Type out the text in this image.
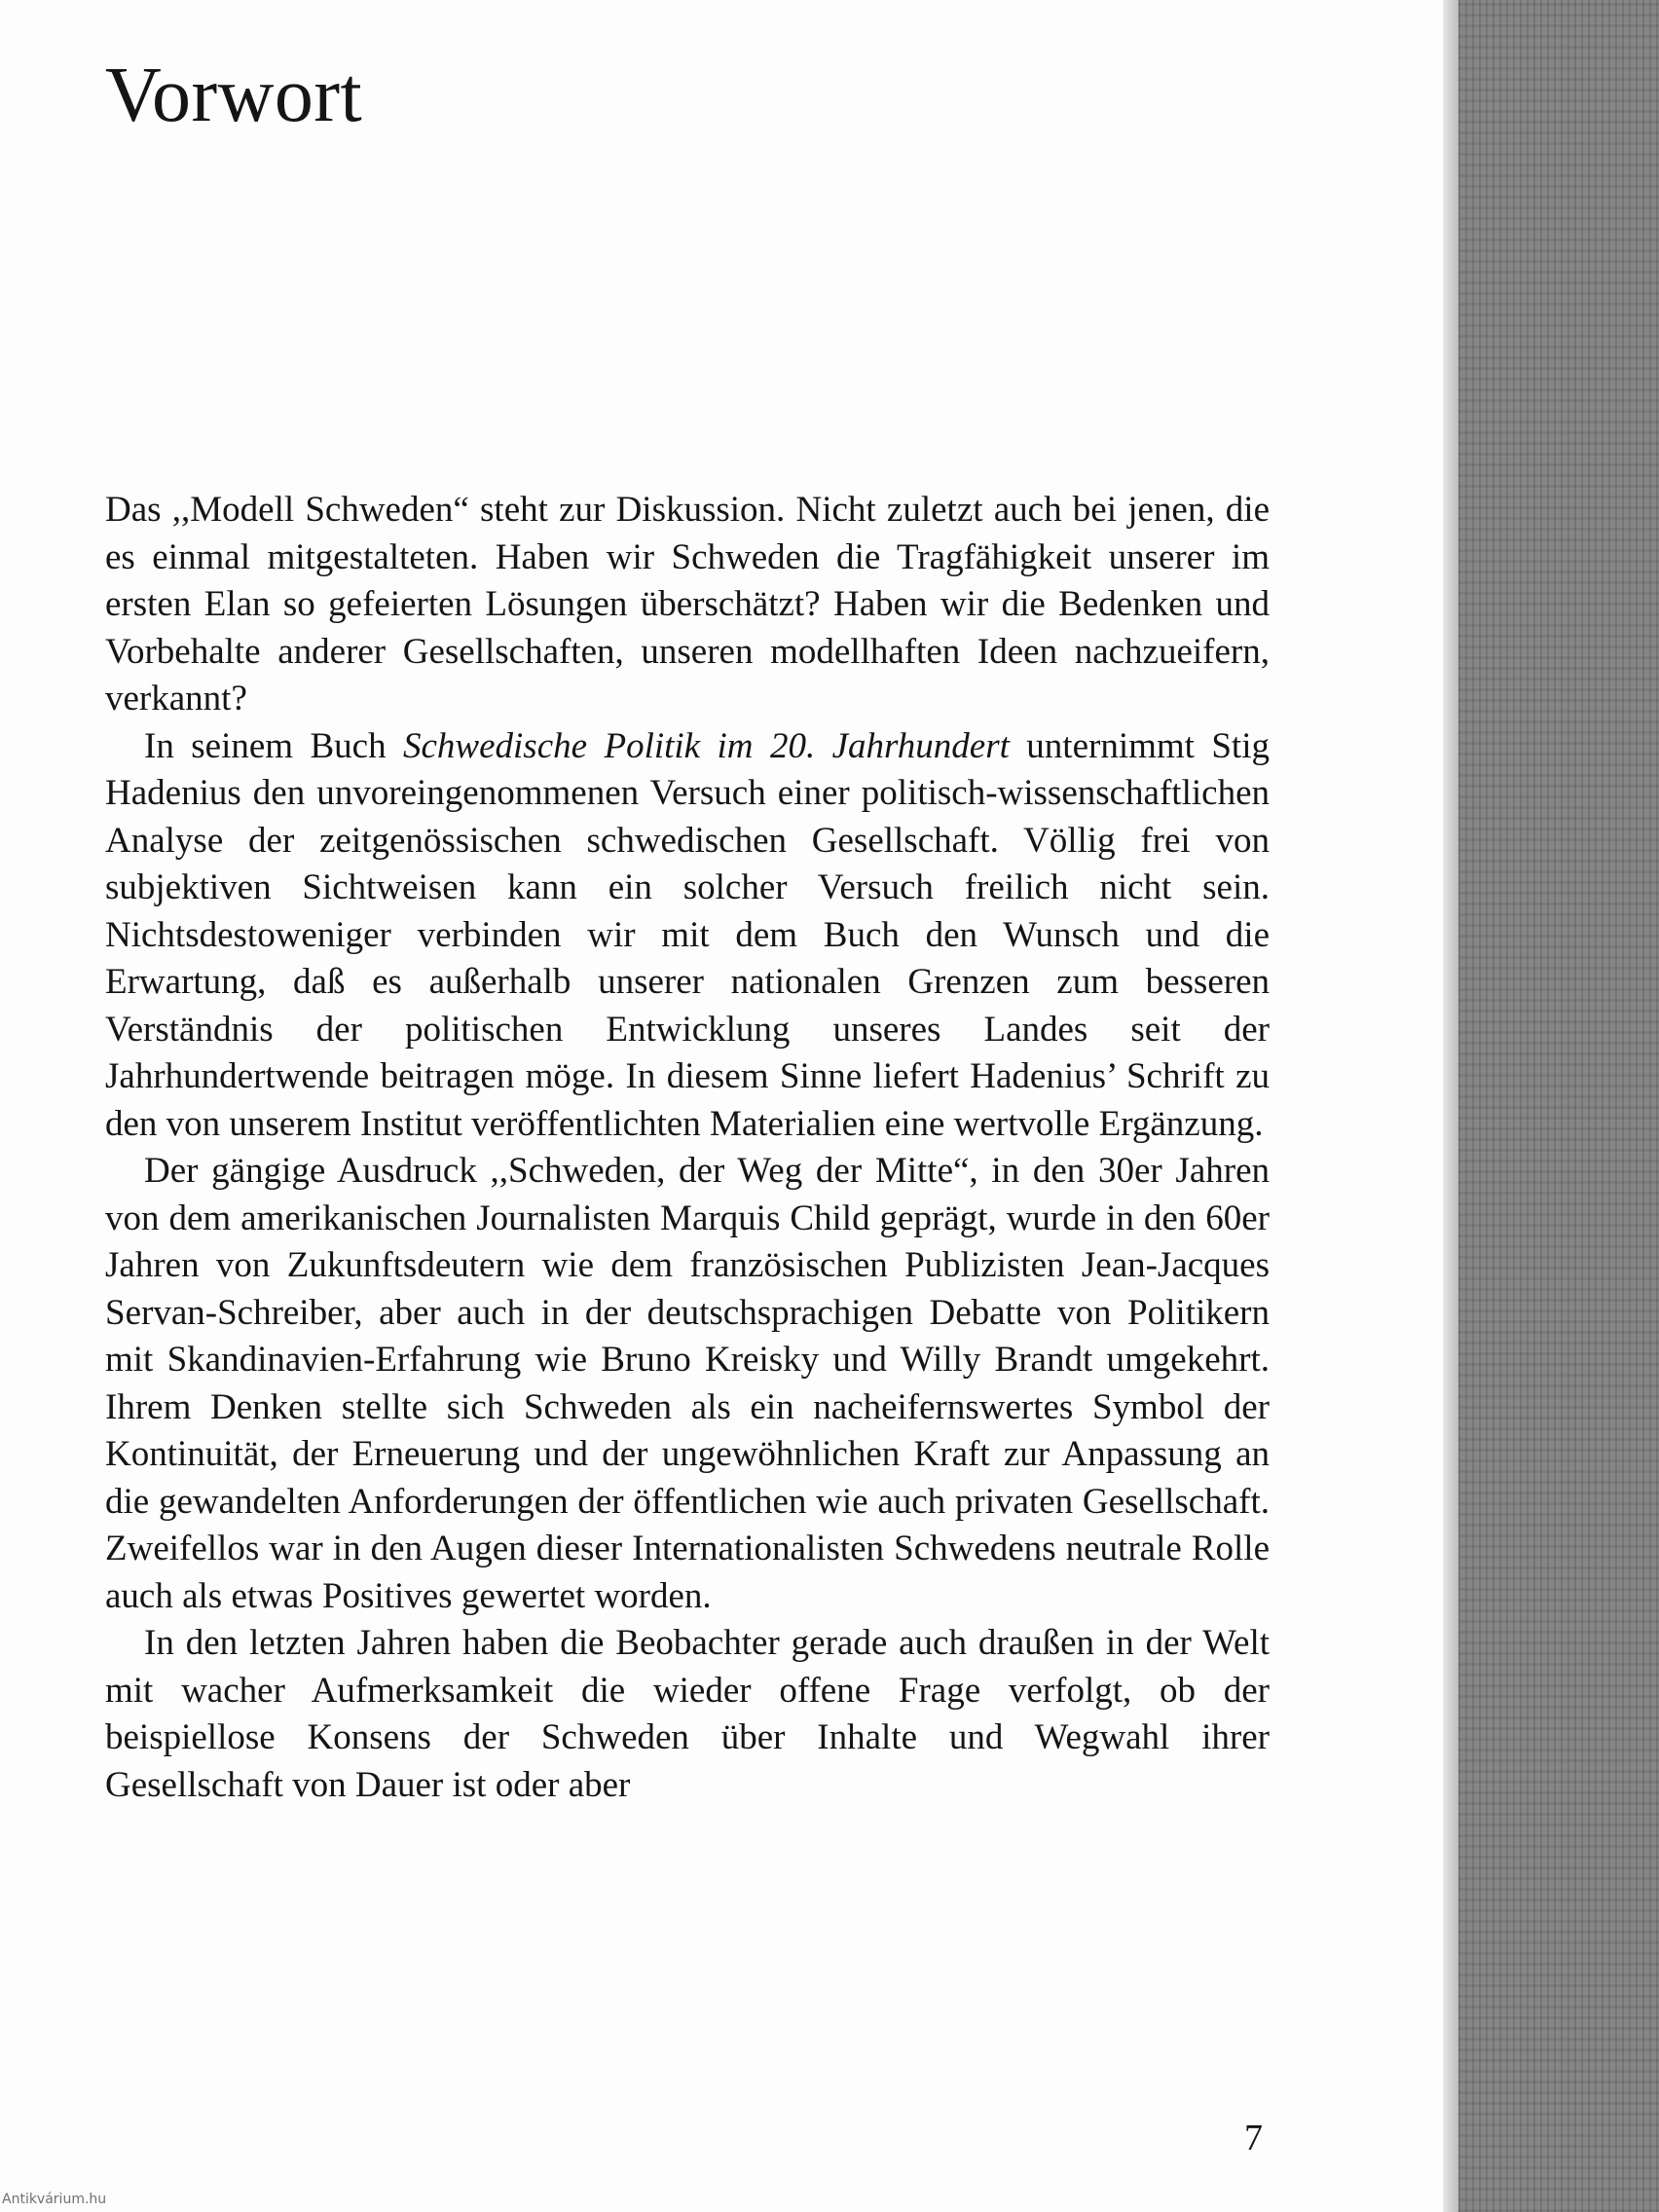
Vorwort

Das ,,Modell Schweden“ steht zur Diskussion. Nicht zuletzt auch bei jenen, die es einmal mitgestalteten. Haben wir Schweden die Tragfähigkeit unserer im ersten Elan so gefeierten Lösungen überschätzt? Haben wir die Bedenken und Vorbehalte anderer Gesellschaften, unseren modellhaften Ideen nachzueifern, verkannt?

In seinem Buch Schwedische Politik im 20. Jahrhundert unternimmt Stig Hadenius den unvoreingenommenen Versuch einer politisch-wissenschaftlichen Analyse der zeitgenössischen schwedischen Gesellschaft. Völlig frei von subjektiven Sichtweisen kann ein solcher Versuch freilich nicht sein. Nichtsdestoweniger verbinden wir mit dem Buch den Wunsch und die Erwartung, daß es außerhalb unserer nationalen Grenzen zum besseren Verständnis der politischen Entwicklung unseres Landes seit der Jahrhundertwende beitragen möge. In diesem Sinne liefert Hadenius’ Schrift zu den von unserem Institut veröffentlichten Materialien eine wertvolle Ergänzung.

Der gängige Ausdruck ,,Schweden, der Weg der Mitte“, in den 30er Jahren von dem amerikanischen Journalisten Marquis Child geprägt, wurde in den 60er Jahren von Zukunftsdeutern wie dem französischen Publizisten Jean-Jacques Servan-Schreiber, aber auch in der deutschsprachigen Debatte von Politikern mit Skandinavien-Erfahrung wie Bruno Kreisky und Willy Brandt umgekehrt. Ihrem Denken stellte sich Schweden als ein nacheifernswertes Symbol der Kontinuität, der Erneuerung und der ungewöhnlichen Kraft zur Anpassung an die gewandelten Anforderungen der öffentlichen wie auch privaten Gesellschaft. Zweifellos war in den Augen dieser Internationalisten Schwedens neutrale Rolle auch als etwas Positives gewertet worden.

In den letzten Jahren haben die Beobachter gerade auch draußen in der Welt mit wacher Aufmerksamkeit die wieder offene Frage verfolgt, ob der beispiellose Konsens der Schweden über Inhalte und Wegwahl ihrer Gesellschaft von Dauer ist oder aber

7
Antikvárium.hu
